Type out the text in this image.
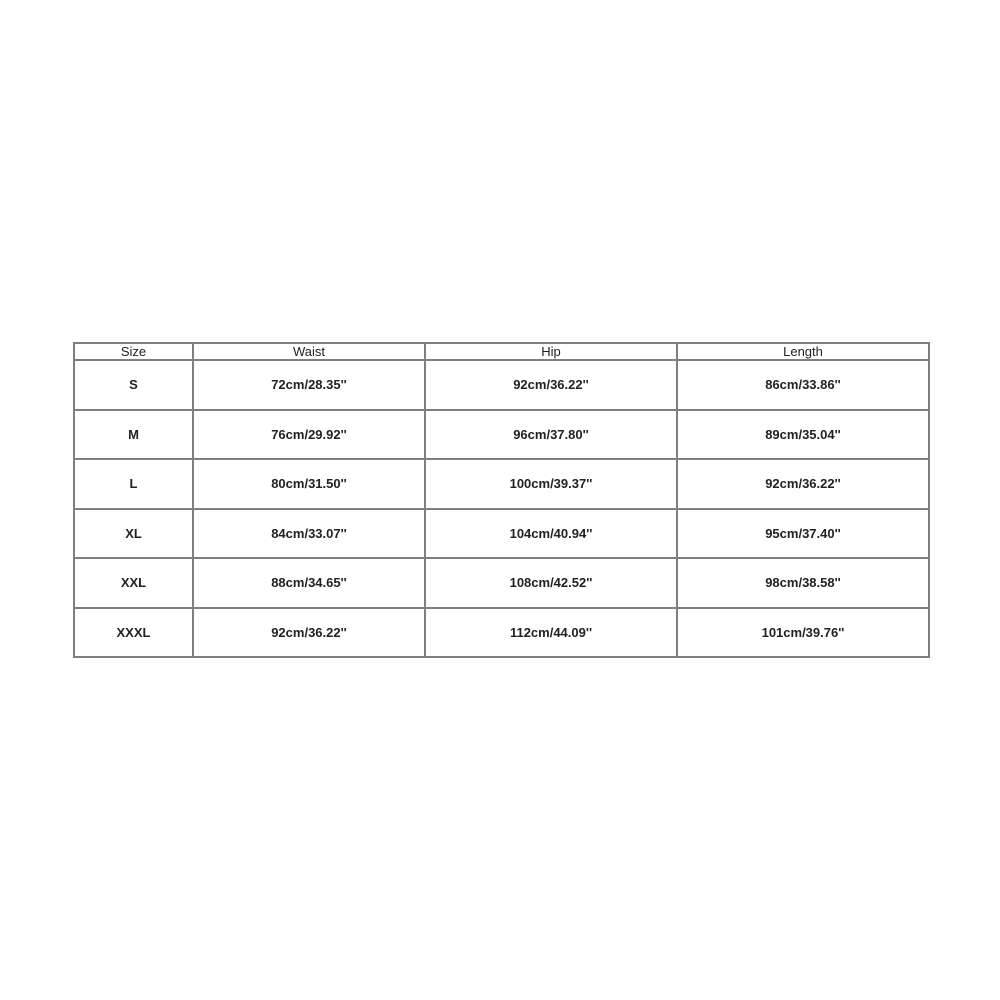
Size	Waist	Hip	Length
S	72cm/28.35''	92cm/36.22''	86cm/33.86''
M	76cm/29.92''	96cm/37.80''	89cm/35.04''
L	80cm/31.50''	100cm/39.37''	92cm/36.22''
XL	84cm/33.07''	104cm/40.94''	95cm/37.40''
XXL	88cm/34.65''	108cm/42.52''	98cm/38.58''
XXXL	92cm/36.22''	112cm/44.09''	101cm/39.76''
